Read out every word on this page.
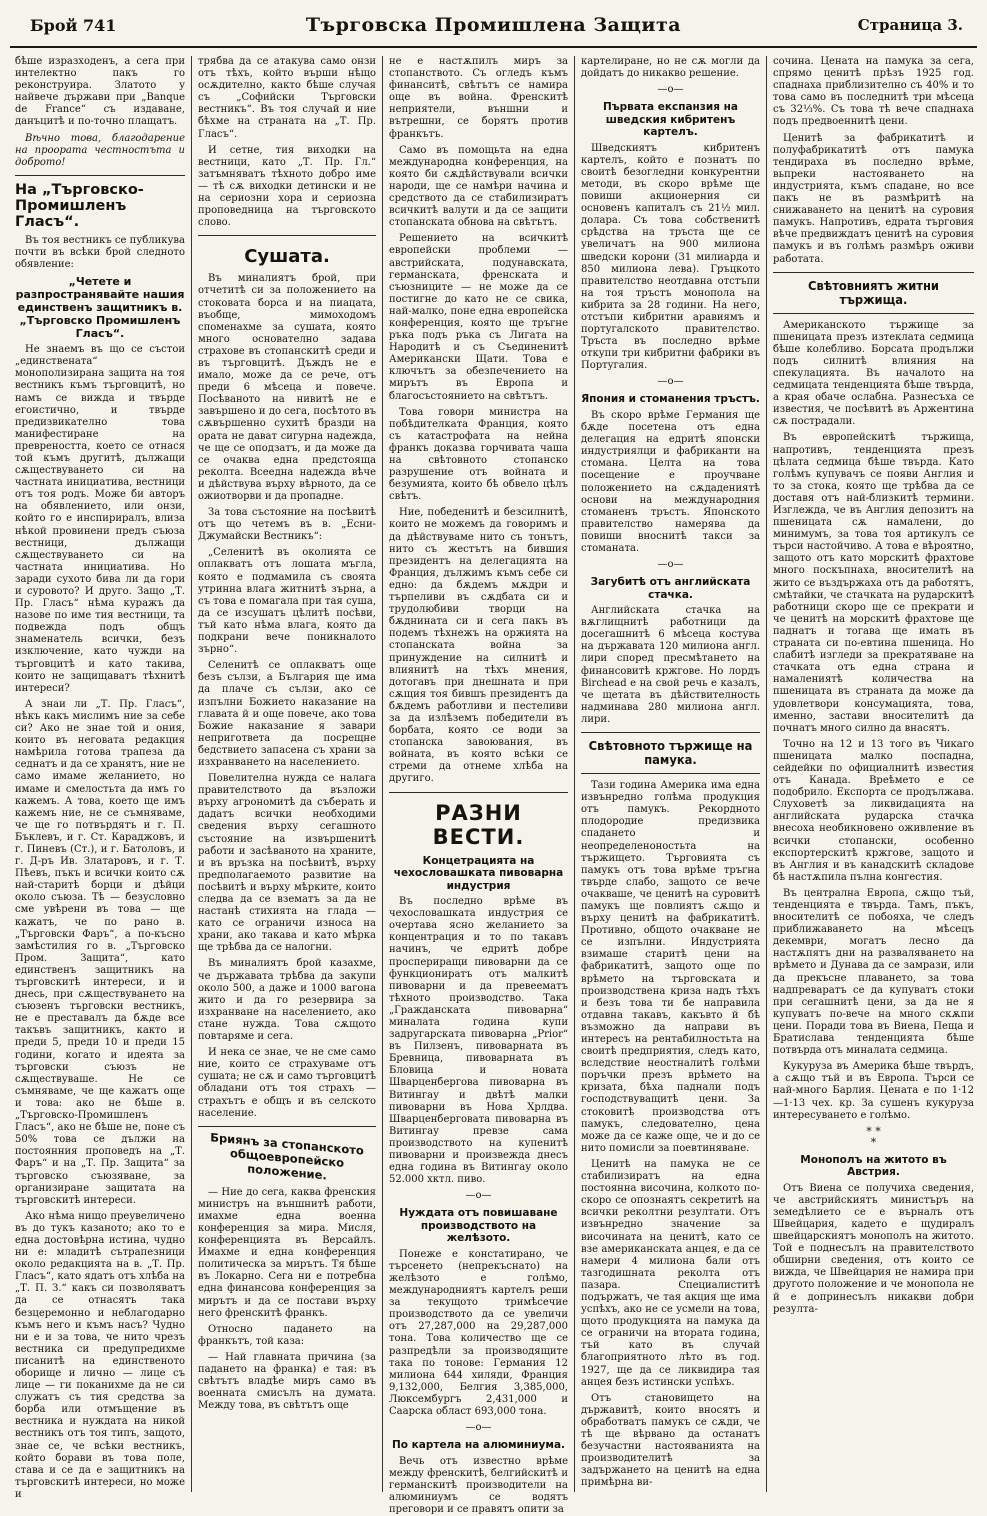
Брой 741	Търговска Промишлена Защита	Страница 3.

бѣше изразходенъ, а сега при интелектно пакъ го реконструира. Златото у найвече държави при „Banque de France“ съ издаване, данъцитѣ и по-точно плащатъ.

Вѣчно това, благодарение на проората честностъта и доброто!

На „Търговско-Промишленъ Гласъ“.

Въ тоя вестникъ се публикува почти въ всѣки брой следното обявление:

„Четете и разпространявайте нашия единственъ защитникъ в. „Търговско Промишленъ Гласъ“.

Не знаемъ въ що се състои „единствената“ монополизирана защита на тоя вестникъ къмъ търговцитѣ, но намъ се вижда и твърде егоистично, и твърде предизвикателно това манифестиране на превреността, което се отнася той къмъ другитѣ, дължащи сѫществуването си на частната инициатива, вестници отъ тоя родъ. Може би авторъ на обявлението, или онзи, който го е инспириралъ, влиза нѣкой провинени предъ съюза вестници, дължащи сѫществуването си на частната инициатива. Но заради сухото бива ли да гори и суровото? И друго. Защо „Т. Пр. Гласъ“ нѣма куражъ да назове по име тия вестници, та подвежда подъ общъ знаменатель всички, безъ изключение, като чужди на търговцитѣ и като такива, които не защищаватъ тѣхнитѣ интереси?

А знаи ли „Т. Пр. Гласъ“, нѣкъ какъ мислимъ ние за себе си? Ако не знае той и ония, които въ неговата редакция намѣрила готова трапеза да седнатъ и да се хранятъ, ние не само имаме желанието, но имаме и смелостьта да имъ го кажемъ. А това, което ще имъ кажемъ ние, не се съмняваме, че ще го потвърдятъ и г. П. Бъклевъ, и г. Ст. Караджовъ, и г. Пиневъ (Ст.), и г. Батоловъ, и г. Д-ръ Ив. Златаровъ, и г. Т. Пѣевъ, пъкъ и всички които сѫ най-старитѣ борци и дѣйци около съюза. Тѣ — безусловно сме увѣрени въ това — ще кажатъ, че по рано в. „Търговски Фаръ“, а по-късно замѣстилия го в. „Търговско Пром. Защита“, като единственъ защитникъ на търговскитѣ интереси, и и днесь, при сѫществуването на съюзенъ търговски вестникъ, не е преставалъ да бѫде все такъвъ защитникъ, както и преди 5, преди 10 и преди 15 години, когато и идеята за търговски съюзъ не сѫществуваше. Не се съмняваме, че ще кажатъ още и това: ако не бѣше в. „Търговско-Промишленъ Гласъ“, ако не бѣше не, поне съ 50% това се дължи на постоянния проповедъ на „Т. Фаръ“ и на „Т. Пр. Защита“ за търговско съюзяване, за организиране защитата на търговскитѣ интереси.

Ако нѣма нищо преувеличено въ до тукъ казаното; ако то е една достовѣрна истина, чудно ни е: младитѣ сътрапезници около редакцията на в. „Т. Пр. Гласъ“, като ядатъ отъ хлѣба на „Т. П. З.“ какъ си позволяватъ да се отнасятъ така безцеремонно и неблагодарно къмъ него и къмъ насъ? Чудно ни е и за това, че нито чрезъ вестника си предупредихме писанитѣ на единственото оборище и лично — лице съ лице — ги поканихме да не си служатъ съ тия средства за борба или отмъщение въ вестника и нуждата на никой вестникъ отъ тоя типъ, защото, знае се, че всѣки вестникъ, който борави въ това поле, става и се да е защитникъ на търговскитѣ интереси, но може и

трябва да се атакува само онзи отъ тѣхъ, който върши нѣщо осѫдително, както бѣше случая съ „Софийски Търговски вестникъ“. Въ тоя случай и ние бѣхме на страната на „Т. Пр. Гласъ“.

И сетне, тия виходки на вестници, като „Т. Пр. Гл.“ затъмняватъ тѣхното добро име — тѣ сѫ виходки детински и не на сериозни хора и сериозна проповедница на търговското слово.

Сушата.

Въ миналиятъ брой, при отчетитѣ си за положението на стоковата борса и на пиацата, въобще, мимоходомъ споменахме за сушата, която много основателно задава страхове въ стопанскитѣ среди и въ търговцитѣ. Дъждъ не е имало, може да се рече, отъ преди 6 мѣсеца и повече. Посѣваното на нивитѣ не е завършено и до сега, посѣтото въ сѫвършенно сухитѣ бразди на ората не дават сигурна надежда, че ще се оподзатъ, и да може да се очаква една предстояща реколта. Всеедна надежда вѣче и дѣйствува върху вѣрното, да се ожиотворви и да пропадне.

За това състояние на посѣвитѣ отъ що четемъ въ в. „Есни-Джумайски Вестникъ“:

„Селенитѣ въ околията се оплакватъ отъ лошата мъгла, която е подмамила съ своята утринна влага житнитѣ зърна, а съ това е помагала при тая суша, да се изсушатъ цѣлитѣ посѣви, тъй като нѣма влага, която да подкрани вече поникналото зърно“.

Селенитѣ се оплакватъ още безъ сълзи, а България ще има да плаче съ сълзи, ако се изпълни Божието наказание на главата й и още повече, ако това Божие наказание я завари непригответа да посрещне бедствието запасена съ храни за изхранването на населението.

Повелителна нужда се налага правителството да възложи върху агрономитѣ да съберать и дадатъ всички необходими сведения върху сегашното състояние на извършенитѣ работи и засѣваното на храните, и въ връзка на посѣвитѣ, върху предполагаемото развитие на посѣвитѣ и върху мѣрките, които следва да се взематъ за да не настанѣ стихията на глада — като се ограничи износа на храни, ако такава и като мѣрка ще трѣбва да се налогни.

Въ миналиятъ брой казахме, че държавата трѣбва да закупи около 500, а даже и 1000 вагона жито и да го резервира за изхранване на населението, ако стане нужда. Това сѫщото повтаряме и сега.

И нека се знае, че не сме само ние, които се страхуваме отъ сушата; не сѫ и само търговцитѣ обладани отъ тоя страхъ — страхътъ е общъ и въ селското население.

Бриянъ за стопанското общоевропейско положение.

— Ние до сега, каква френския министръ на външнитѣ работи, имахме една военна конференция за мира. Мисля, конференцията въ Версайлъ. Имахме и една конференция политическа за мирътъ. Тя бѣше въ Локарно. Сега ни е потребна една финансова конференция за мирътъ и да се постави върху него френскитѣ франкъ.

Относно падането на франкътъ, той каза:

— Най главната причина (за падането на франка) е тая: въ свѣтътъ владѣе миръ само въ военната смисълъ на думата. Между това, въ свѣтътъ още

не е настѫпилъ миръ за стопанството. Съ огледъ къмъ финанситѣ, свѣтътъ се намира още въ война. Френскитѣ неприятели, външни и вътрешни, се борятъ против франкътъ.

Само въ помощьта на една международна конференция, на която би сѫдѣйствували всички народи, ще се намѣри начина и средството да се стабилизиратъ всичкитѣ валути и да се защити стопанската обнова на свѣтътъ.

Решението на всичкитѣ европейски проблеми — австрийската, подунавската, германската, френската и съюзниците — не може да се постигне до като не се свика, най-малко, поне една европейска конференция, която ще тръгне ръка подъ ръка съ Лигата на Народитѣ и съ Съединенитѣ Американски Щати. Това е ключътъ за обезпечението на мирътъ въ Европа и благосъстоянието на свѣтътъ.

Това говори министра на побѣдителката Франция, която съ катастрофата на нейна франкъ доказва горчивата чаша на свѣтовното стопанско разрушение отъ войната и безумията, които бѣ обвело цѣлъ свѣтъ.

Ние, победенитѣ и безсилнитѣ, които не можемъ да говоримъ и да дѣйствуваме нито съ тонътъ, нито съ жестътъ на бившия президентъ на делегацията на Франция, дължимъ къмъ себе си едно: да бѫдемъ мѫдри и търпеливи въ сѫдбата си и трудолюбиви творци на бѫднината си и сега пакъ въ подемъ тѣхнежъ на оржията на стопанската война за принуждение на силнитѣ и влиянитѣ на тѣхъ мнения, дотогавъ при днешната и при сѫщия тоя бившъ президентъ да бѫдемъ работливи и пестеливи за да излѣземъ победители въ борбата, която се води за стопанска завоювания, въ войната, въ която всѣки се стреми да отнеме хлѣба на другиго.

РАЗНИ ВЕСТИ.
Концетрацията на чехословашката пивоварна индустрия

Въ последно врѣме въ чехословашката индустрия се очертава ясно желанието за концентрация и то по такавъ начинъ, че едритѣ добре проспериращи пивоварни да се функциониратъ отъ малкитѣ пивоварни и да превеематъ тѣхното производство. Така „Гражданската пивоварна“ миналата година купи задругарската пивоварна „Prior“ въ Пилзенъ, пивоварната въ Бревница, пивоварната въ Бловица и новата Шварценбергова пивоварна въ Витингау и двѣтѣ малки пивоварни въ Нова Хрлдва. Шварценберговата пивоварна въ Витингау превзе сама производството на купенитѣ пивоварни и произвежда днесъ една година въ Витингау около 52.000 хктл. пиво.

—о—
Нуждата отъ повишаване производството на желѣзото.

Понеже е констатирано, че търсенето (непрекъснато) на желѣзото е голѣмо, международниятъ картелъ реши за текущото тримѣсечие производството да се увеличи отъ 27,287,000 на 29,287,000 тона. Това количество ще се разпредѣли за производящите така по тонове: Германия 12 милиона 644 хиляди, Франция 9,132,000, Белгия 3,385,000, Люксембургъ 2,431,000 и Саарска област 693,000 тона.

—о—
По картела на алюминиума.

Вечь отъ известно врѣме между френскитѣ, белгийскитѣ и германскитѣ производители на алюминиумъ се водятъ преговори и се правятъ опити за

картелиране, но не сѫ могли да дойдатъ до никакво решение.

—о—
Първата експанзия на шведския кибритенъ картелъ.

Шведскиятъ кибритенъ картелъ, който е познатъ по своитѣ безогледни конкурентни методи, въ скоро врѣме ще повиши акционерния си основенъ капиталъ съ 21½ мил. долара. Съ това собственитѣ срѣдства на тръста ще се увеличатъ на 900 милиона шведски корони (31 милиарда и 850 милиона лева). Гръцкото правителство неотдавна отстъпи на тоя тръстъ монопола на кибрита за 28 години. На него, отстъпи кибритни аравиямъ и португалското правителство. Тръста въ последно врѣме откупи три кибритни фабрики въ Португалия.

—о—
Япония и стоманения тръстъ.

Въ скоро врѣме Германия ще бѫде посетена отъ една делегация на едритѣ японски индустриялци и фабриканти на стомана. Целта на това посещение е проучване положението на сѫдадениятѣ основи на международния стоманенъ тръстъ. Японското правителство намерява да повиши вноснитѣ такси за стоманата.

—о—
Загубитѣ отъ английската стачка.

Английската стачка на вѫглищнитѣ работници да досегашнитѣ 6 мѣсеца костува на държавата 120 милиона англ. лири според пресмѣтането на финансовитѣ кржгове. Но лордъ Birchead е на свой речь е казалъ, че щетата въ дѣйствителность надминава 280 милиона англ. лири.

Свѣтовното тържище на памука.

Тази година Америка има една извънредно голѣма продукция отъ памукъ. Рекордното плодородие предизвика спадането и неопределеноностьта на тържището. Търговията съ памукъ отъ това врѣме тръгна твърде слабо, защото се вече очакваше, че ценитѣ на суровитѣ памукъ ще повлиятъ сѫщо и върху ценитѣ на фабрикатитѣ. Противно, общото очакване не се изпълни. Индустрията взимаше старитѣ цени на фабрикатитѣ, защото още по врѣмето на търговската и производствена криза надъ тѣхъ и безъ това ти бе направила отдавна такавъ, какъвто й бѣ възможно да направи въ интересъ на рентабилностьта на своитѣ предприятия, следъ като, вследствие неостналитѣ голѣми поръчки презъ врѣмето на кризата, бѣха паднали подъ господствуващитѣ цени. За стоковитѣ производства отъ памукъ, следователно, цена може да се каже още, че и до се нито помисли за поевтиняване.

Ценитѣ на памука не се стабилизиратъ на една постоянна височина, колкото по-скоро се опознаятъ секретитѣ на всички реколтни резултати. Отъ извънредно значение за височината на ценитѣ, като се взе американската анцея, е да се намери 4 милиона бали отъ тазгодишната реколта отъ пазара. Специалиститѣ подържатъ, че тая акция ще има успѣхъ, ако не се усмели на това, щото продукцията на памука да се ограничи на втората година, тъй като въ случай благоприятното лѣто въ год. 1927, ще да се ликвидира тая анцея безъ истински успѣхъ.

Отъ становището на държавитѣ, които вносятъ и обработватъ памукъ се сѫди, че тѣ ще вѣрвано да останатъ безучастни настояванията на производителитѣ за задържането на ценитѣ на една примѣрна ви-

сочина. Цената на памука за сега, спрямо ценитѣ прѣзъ 1925 год. спаднаха приблизително съ 40% и то това само въ последнитѣ три мѣсеца съ 32⅓%. Съ това тѣ вече спаднаха подъ предвоеннитѣ цени.

Ценитѣ за фабрикатитѣ и полуфабрикатитѣ отъ памука тендираха въ последно врѣме, вьпреки настояването на индустрията, къмъ спадане, но все пакъ не въ размѣритѣ на снижаването на ценитѣ на суровия памукъ. Напротивъ, едрата търговия вѣче предвиждатъ ценитѣ на суровия памукъ и въ голѣмъ размѣръ оживи работата.

Свѣтовниятъ житни тържища.

Американското тържище за пшеницата презъ изтеклата седмица бѣше колебливо. Борсата продължи подъ силнитѣ влияния на спекулацията. Въ началото на седмицата тенденцията бѣше твърда, а края обаче ослабна. Разнесъха се известия, че посѣвитѣ въ Аржентина сѫ пострадали.

Въ европейскитѣ тържища, напротивъ, тенденцията презъ цѣлата седмица бѣше твърда. Като голѣмъ купувачъ се появи Англия и то за стока, която ще трѣбва да се доставя отъ най-близкитѣ термини. Изглежда, че въ Англия депозитъ на пшеницата сѫ намалени, до минимумъ, за това тоя артикулъ се търси настойчиво. А това е вѣроятно, защото отъ като морскитѣ фрахтове много поскъпнаха, вносителитѣ на жито се въздържаха отъ да работятъ, смѣтайки, че стачката на рударскитѣ работници скоро ще се прекрати и че ценитѣ на морскитѣ фрахтове ще паднатъ и тогава ще имать въ страната си по-евтина пшеница. Но слабитѣ изгледи за прекратяване на стачката отъ една страна и намалениятѣ количества на пшеницата въ страната да може да удовлетвори консумацията, това, именно, застави вносителитѣ да почнатъ много силно да внасятъ.

Точно на 12 и 13 того въ Чикаго пшеницата малко поспадна, сейдейки по официалнитѣ известия отъ Канада. Вреѣмето е се подобрило. Експорта се продължава. Слуховетѣ за ликвидацията на английската рударска стачка внесоха необикновено оживление въ всички стопански, особенно експортерскитѣ кржгове, защото и въ Англия и въ канадскитѣ складове бѣ настѫпила пълна конгестия.

Въ централна Европа, сѫщо тъй, тенденцията е твърда. Тамъ, пъкъ, вносителитѣ се побояха, че следъ приближаването на мѣсецъ декември, могатъ лесно да настѫпятъ дни на разваляването на врѣмето и Дунава да се замрази, или да прекъсне плаването, за това надпреваратъ се да купуватъ стоки при сегашнитѣ цени, за да не я купуватъ по-вече на много скѫпи цени. Поради това въ Виена, Пеща и Братислава тенденцията бѣше потвърда отъ миналата седмица.

Кукуруза въ Америка бѣше твърдъ, а сѫщо тъй и въ Европа. Търси се най-много Барлия. Цената е по 1·12—1·13 чех. кр. За сушенъ кукуруза интересуването е голѣмо.

* *
*
Монополъ на житото въ Австрия.

Отъ Виена се получиха сведения, че австрийскиятъ министъръ на земедѣлието се е върналъ отъ Швейцария, кадето е щудиралъ швейцарскиятъ монополъ на житото. Той е поднесълъ на правителството обширни сведения, отъ които се вижда, че Швейцария не намира при другото положение и че монопола не й е допринесълъ никакви добри резулта-
